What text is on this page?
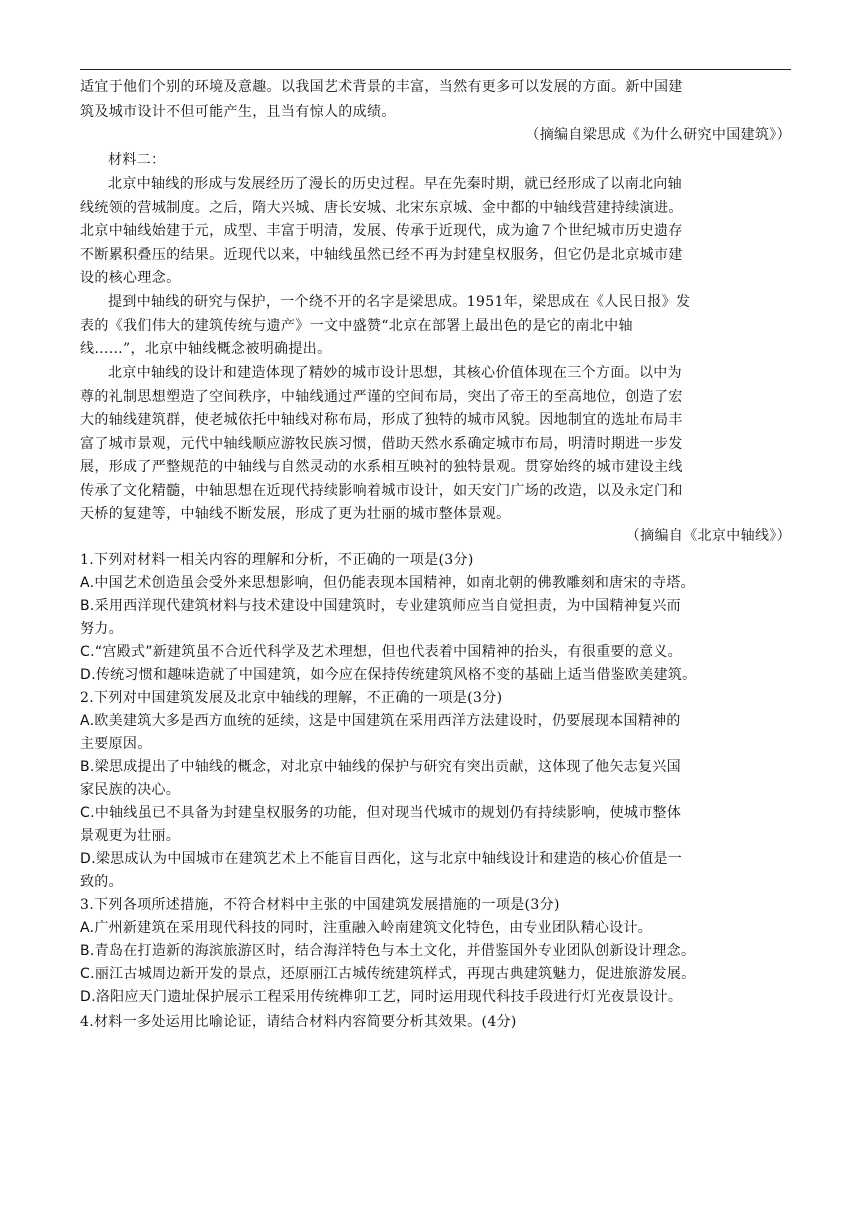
适宜于他们个别的环境及意趣。以我国艺术背景的丰富，当然有更多可以发展的方面。新中国建
筑及城市设计不但可能产生，且当有惊人的成绩。
（摘编自梁思成《为什么研究中国建筑》）
材料二：
北京中轴线的形成与发展经历了漫长的历史过程。早在先秦时期，就已经形成了以南北向轴
线统领的营城制度。之后，隋大兴城、唐长安城、北宋东京城、金中都的中轴线营建持续演进。
北京中轴线始建于元，成型、丰富于明清，发展、传承于近现代，成为逾７个世纪城市历史遗存
不断累积叠压的结果。近现代以来，中轴线虽然已经不再为封建皇权服务，但它仍是北京城市建
设的核心理念。
提到中轴线的研究与保护，一个绕不开的名字是梁思成。1951年，梁思成在《人民日报》发
表的《我们伟大的建筑传统与遗产》一文中盛赞“北京在部署上最出色的是它的南北中轴
线……”，北京中轴线概念被明确提出。
北京中轴线的设计和建造体现了精妙的城市设计思想，其核心价值体现在三个方面。以中为
尊的礼制思想塑造了空间秩序，中轴线通过严谨的空间布局，突出了帝王的至高地位，创造了宏
大的轴线建筑群，使老城依托中轴线对称布局，形成了独特的城市风貌。因地制宜的选址布局丰
富了城市景观，元代中轴线顺应游牧民族习惯，借助天然水系确定城市布局，明清时期进一步发
展，形成了严整规范的中轴线与自然灵动的水系相互映衬的独特景观。贯穿始终的城市建设主线
传承了文化精髓，中轴思想在近现代持续影响着城市设计，如天安门广场的改造，以及永定门和
天桥的复建等，中轴线不断发展，形成了更为壮丽的城市整体景观。
（摘编自《北京中轴线》）
1.下列对材料一相关内容的理解和分析，不正确的一项是(3分)
A.中国艺术创造虽会受外来思想影响，但仍能表现本国精神，如南北朝的佛教雕刻和唐宋的寺塔。
B.采用西洋现代建筑材料与技术建设中国建筑时，专业建筑师应当自觉担责，为中国精神复兴而
努力。
C.“宫殿式”新建筑虽不合近代科学及艺术理想，但也代表着中国精神的抬头，有很重要的意义。
D.传统习惯和趣味造就了中国建筑，如今应在保持传统建筑风格不变的基础上适当借鉴欧美建筑。
2.下列对中国建筑发展及北京中轴线的理解，不正确的一项是(3分)
A.欧美建筑大多是西方血统的延续，这是中国建筑在采用西洋方法建设时，仍要展现本国精神的
主要原因。
B.梁思成提出了中轴线的概念，对北京中轴线的保护与研究有突出贡献，这体现了他矢志复兴国
家民族的决心。
C.中轴线虽已不具备为封建皇权服务的功能，但对现当代城市的规划仍有持续影响，使城市整体
景观更为壮丽。
D.梁思成认为中国城市在建筑艺术上不能盲目西化，这与北京中轴线设计和建造的核心价值是一
致的。
3.下列各项所述措施，不符合材料中主张的中国建筑发展措施的一项是(3分)
A.广州新建筑在采用现代科技的同时，注重融入岭南建筑文化特色，由专业团队精心设计。
B.青岛在打造新的海滨旅游区时，结合海洋特色与本土文化，并借鉴国外专业团队创新设计理念。
C.丽江古城周边新开发的景点，还原丽江古城传统建筑样式，再现古典建筑魅力，促进旅游发展。
D.洛阳应天门遗址保护展示工程采用传统榫卯工艺，同时运用现代科技手段进行灯光夜景设计。
4.材料一多处运用比喻论证，请结合材料内容简要分析其效果。(4分)
